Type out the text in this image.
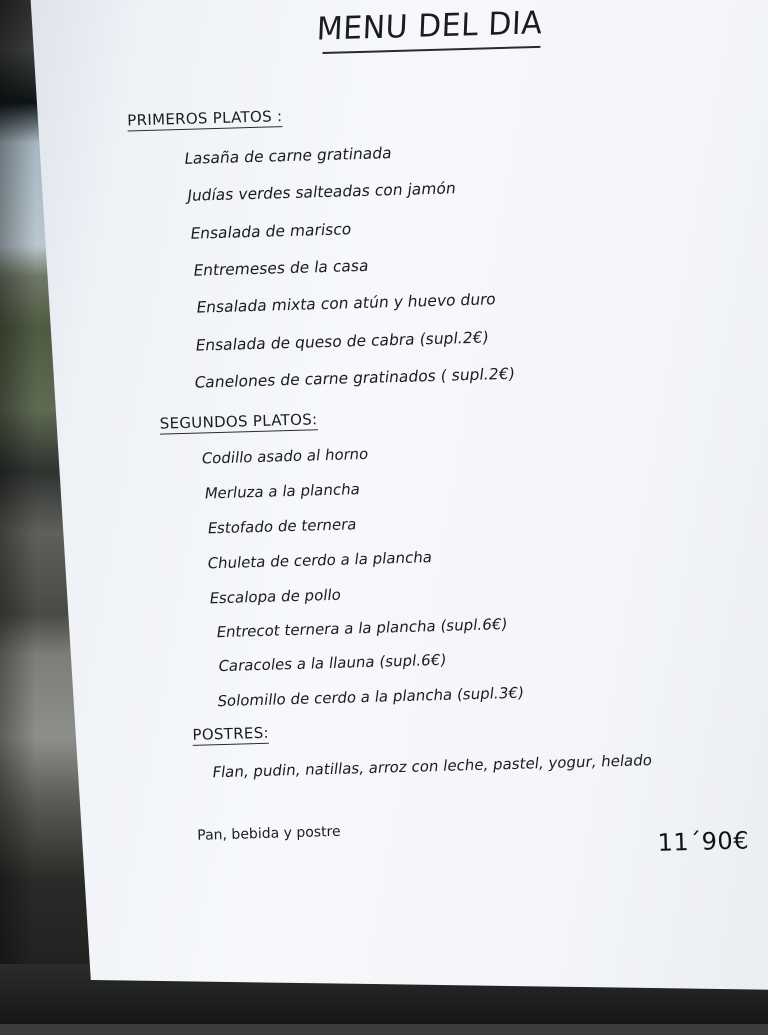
MENU DEL DIA
PRIMEROS PLATOS :
Lasaña de carne gratinada
Judías verdes salteadas con jamón
Ensalada de marisco
Entremeses de la casa
Ensalada mixta con atún y huevo duro
Ensalada de queso de cabra (supl.2€)
Canelones de carne gratinados ( supl.2€)
SEGUNDOS PLATOS:
Codillo asado al horno
Merluza a la plancha
Estofado de ternera
Chuleta de cerdo a la plancha
Escalopa de pollo
Entrecot ternera a la plancha (supl.6€)
Caracoles a la llauna (supl.6€)
Solomillo de cerdo a la plancha (supl.3€)
POSTRES:
Flan, pudin, natillas, arroz con leche, pastel, yogur, helado
Pan, bebida y postre	11´90€
